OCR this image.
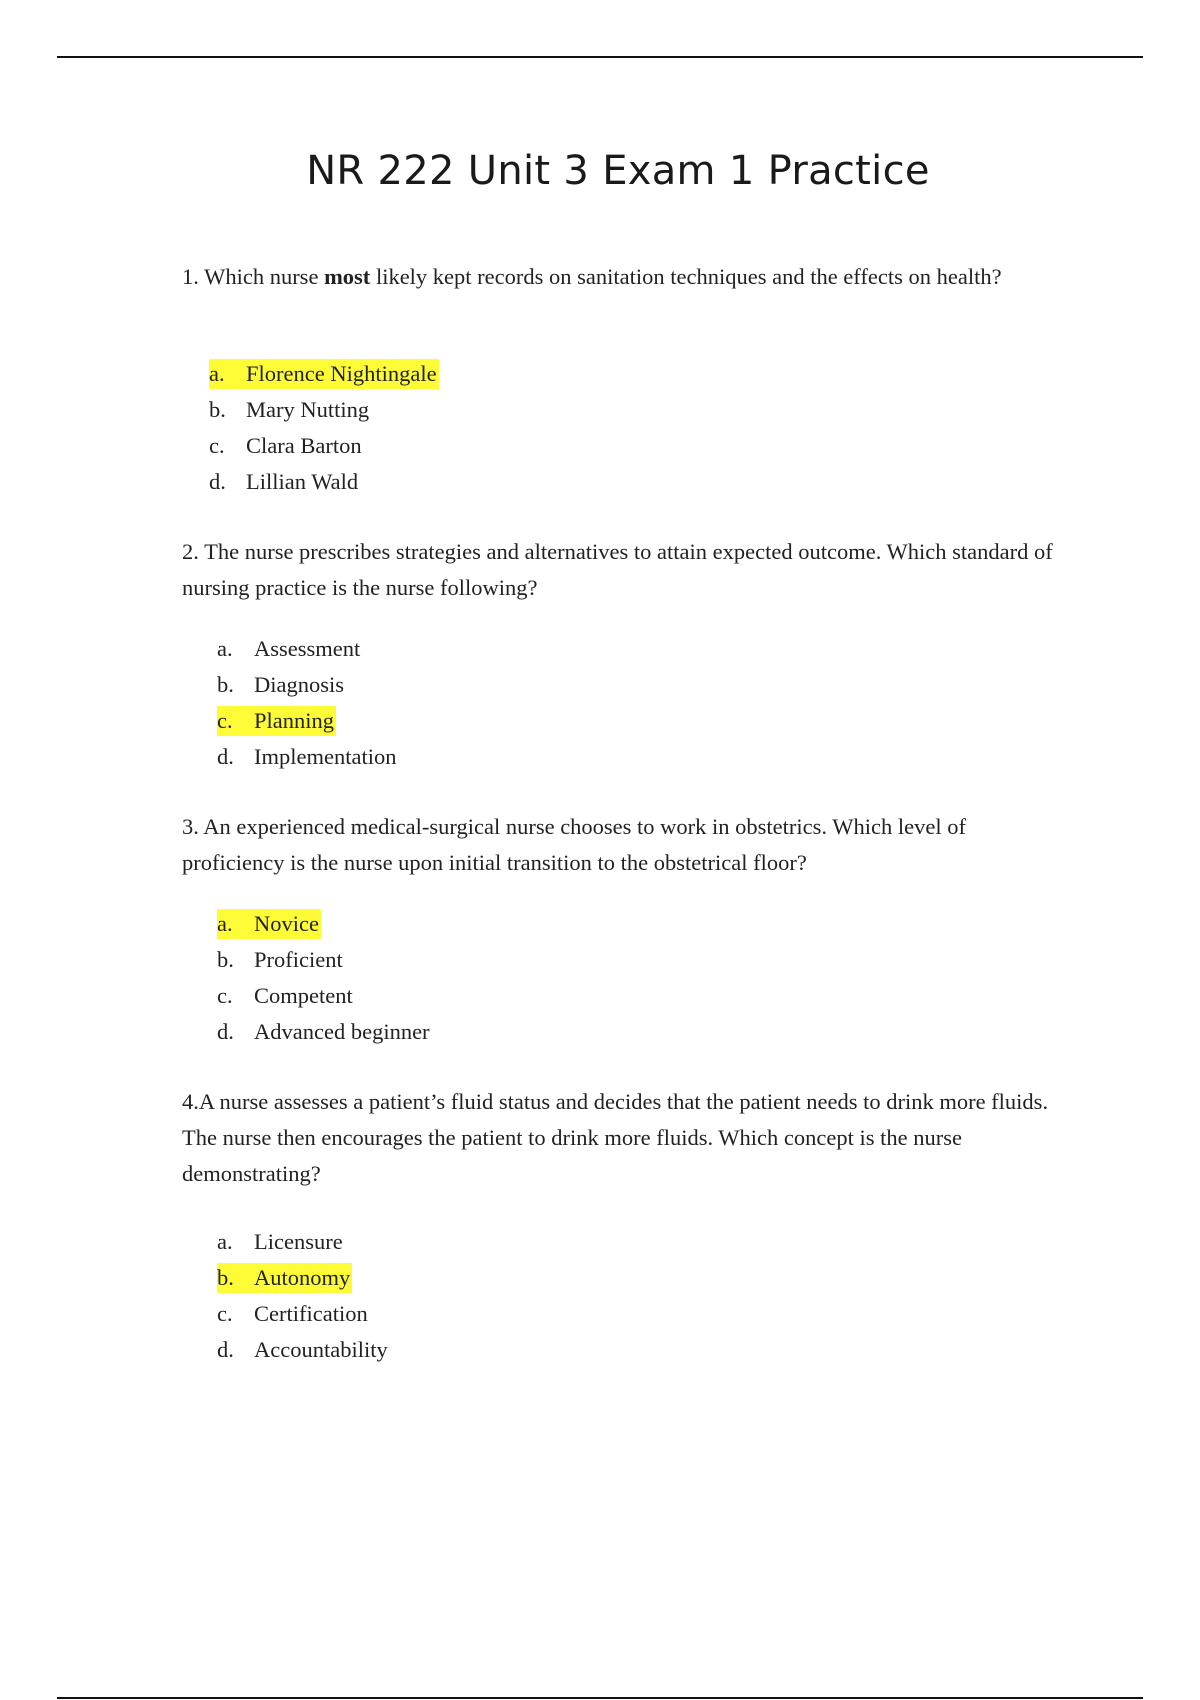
NR 222 Unit 3 Exam 1 Practice

1. Which nurse most likely kept records on sanitation techniques and the effects on health?

a. Florence Nightingale
b. Mary Nutting
c. Clara Barton
d. Lillian Wald

2. The nurse prescribes strategies and alternatives to attain expected outcome. Which standard of nursing practice is the nurse following?

a. Assessment
b. Diagnosis
c. Planning
d. Implementation

3. An experienced medical-surgical nurse chooses to work in obstetrics. Which level of proficiency is the nurse upon initial transition to the obstetrical floor?

a. Novice
b. Proficient
c. Competent
d. Advanced beginner

4.A nurse assesses a patient’s fluid status and decides that the patient needs to drink more fluids. The nurse then encourages the patient to drink more fluids. Which concept is the nurse demonstrating?

a. Licensure
b. Autonomy
c. Certification
d. Accountability
